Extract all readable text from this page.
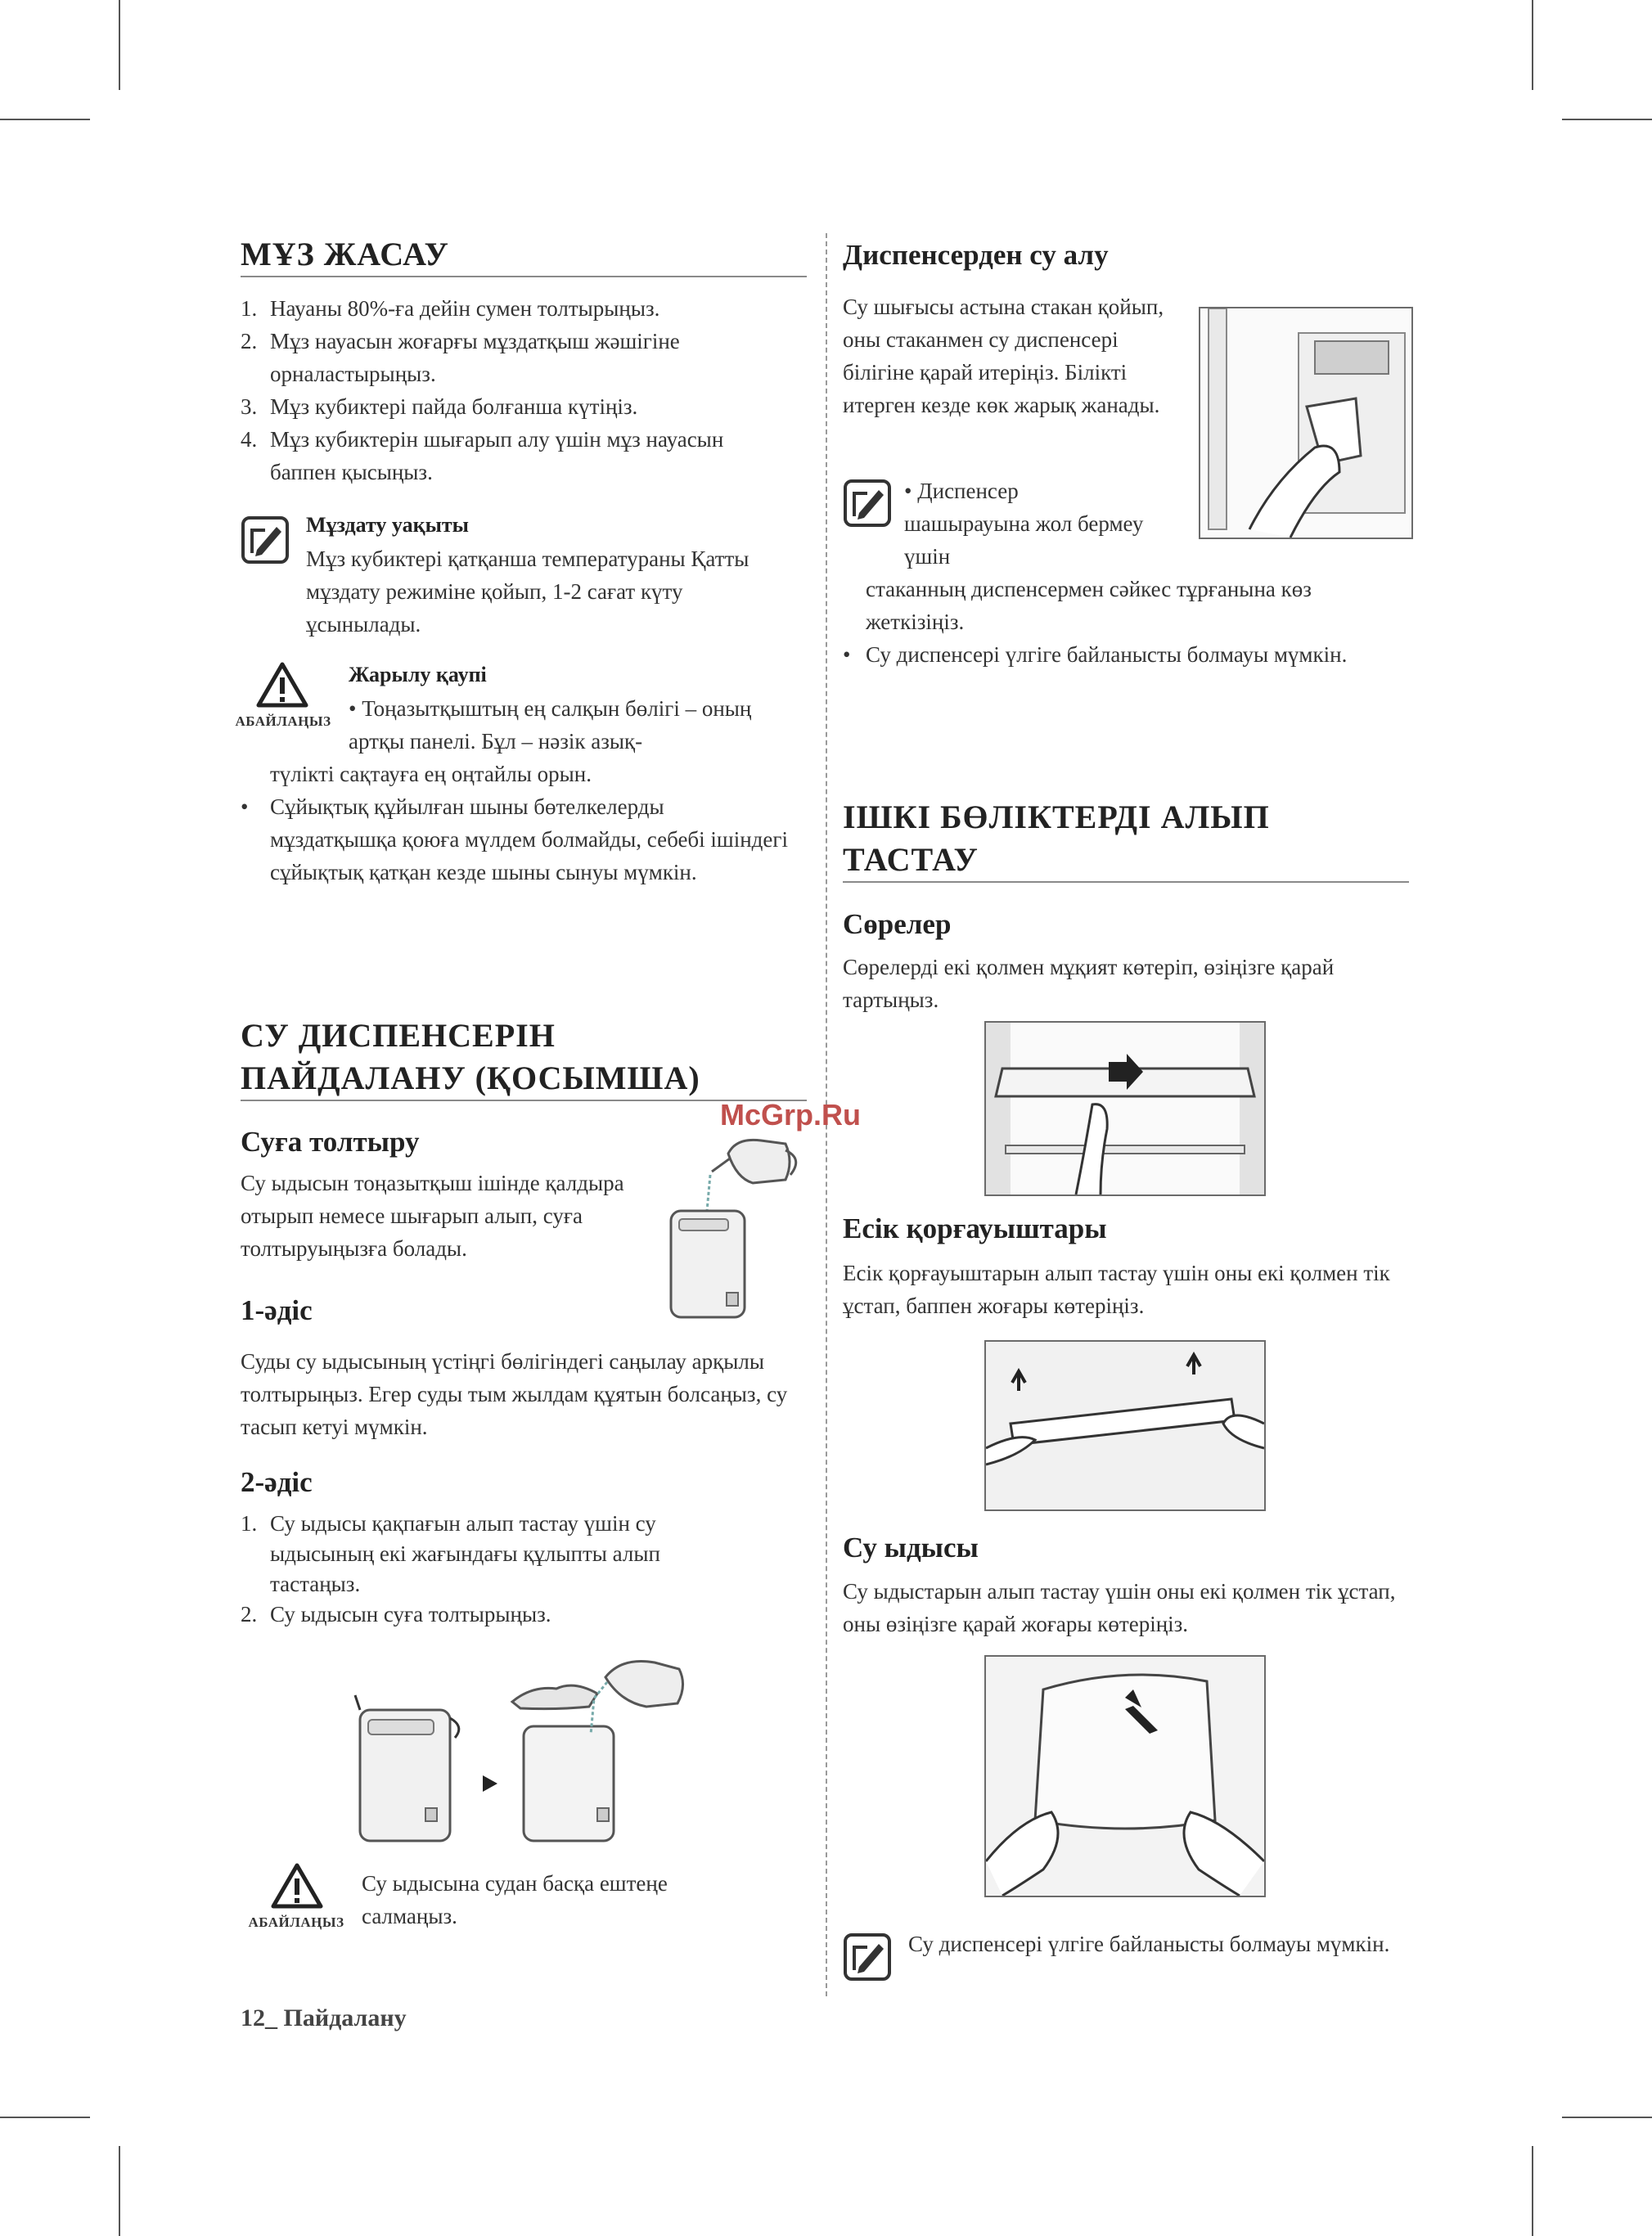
МҰЗ ЖАСАУ
1. Науаны 80%-ға дейін сумен толтырыңыз.
2. Мұз науасын жоғарғы мұздатқыш жәшігіне орналастырыңыз.
3. Мұз кубиктері пайда болғанша күтіңіз.
4. Мұз кубиктерін шығарып алу үшін мұз науасын баппен қысыңыз.
Мұздату уақыты

Мұз кубиктері қатқанша температураны Қатты мұздату режиміне қойып, 1-2 сағат күту ұсынылады.

АБАЙЛАҢЫЗ
Жарылу қаупі

• Тоңазытқыштың ең салқын бөлігі – оның артқы панелі. Бұл – нәзік азық-

түлікті сақтауға ең оңтайлы орын.

• Сұйықтық құйылған шыны бөтелкелерды мұздатқышқа қоюға мүлдем болмайды, себебі ішіндегі сұйықтық қатқан кезде шыны сынуы мүмкін.

СУ ДИСПЕНСЕРІН
ПАЙДАЛАНУ (ҚОСЫМША)
McGrp.Ru
Суға толтыру

Су ыдысын тоңазытқыш ішінде қалдыра отырып немесе шығарып алып, суға толтыруыңызға болады.

1-әдіс

Суды су ыдысының үстіңгі бөлігіндегі саңылау арқылы толтырыңыз. Егер суды тым жылдам құятын болсаңыз, су тасып кетуі мүмкін.

2-әдіс
1. Су ыдысы қақпағын алып тастау үшін су ыдысының екі жағындағы құлыпты алып тастаңыз.
2. Су ыдысын суға толтырыңыз.
АБАЙЛАҢЫЗ

Су ыдысына судан басқа ештеңе салмаңыз.

12_ Пайдалану
Диспенсерден су алу

Су шығысы астына стакан қойып, оны стаканмен су диспенсері білігіне қарай итеріңіз. Білікті итерген кезде көк жарық жанады.

• Диспенсер шашырауына жол бермеу үшін

стаканның диспенсермен сәйкес тұрғанына көз жеткізіңіз.

• Су диспенсері үлгіге байланысты болмауы мүмкін.

ІШКІ БӨЛІКТЕРДІ АЛЫП
ТАСТАУ
Сөрелер

Сөрелерді екі қолмен мұқият көтеріп, өзіңізге қарай тартыңыз.

Есік қорғауыштары

Есік қорғауыштарын алып тастау үшін оны екі қолмен тік ұстап, баппен жоғары көтеріңіз.

Су ыдысы

Су ыдыстарын алып тастау үшін оны екі қолмен тік ұстап, оны өзіңізге қарай жоғары көтеріңіз.

Су диспенсері үлгіге байланысты болмауы мүмкін.
